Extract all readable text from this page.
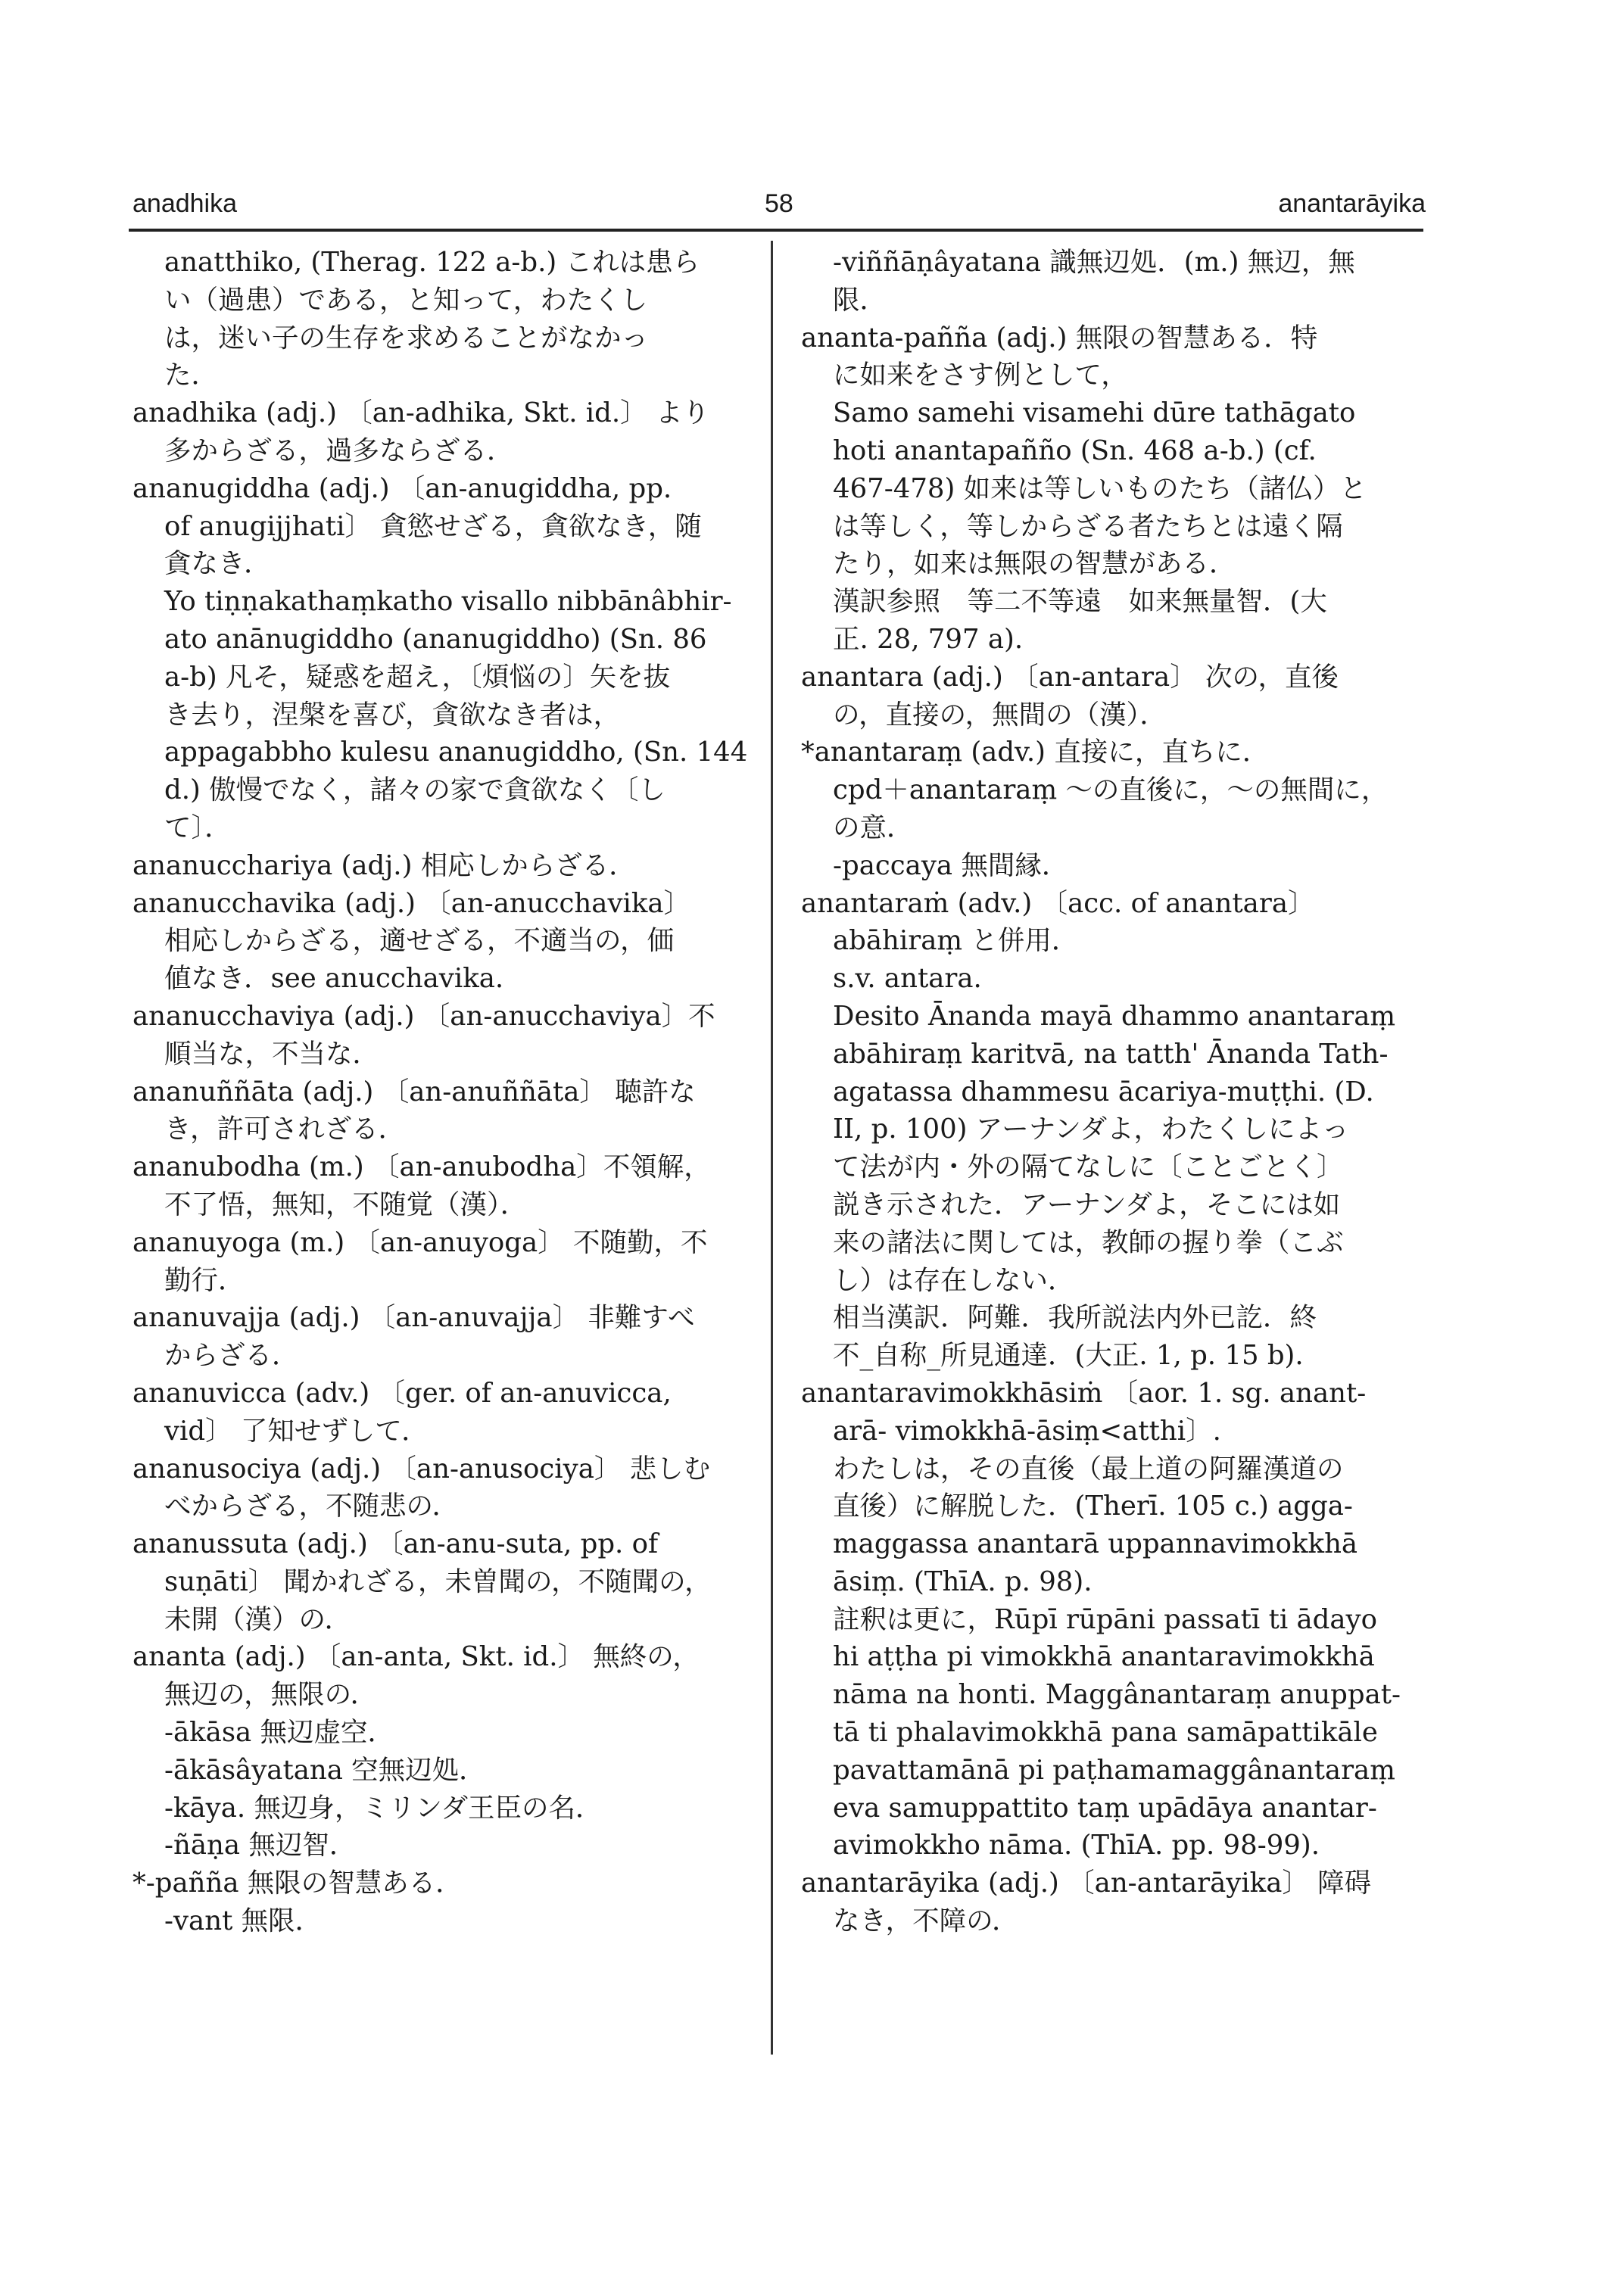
anadhika	58	anantarāyika
anatthiko, (Therag. 122 a-b.) これは患ら
い（過患）である，と知って，わたくし
は，迷い子の生存を求めることがなかっ
た．
anadhika (adj.) 〔an-adhika, Skt. id.〕 より
多からざる，過多ならざる．
ananugiddha (adj.) 〔an-anugiddha, pp.
of anugijjhati〕 貪慾せざる，貪欲なき，随
貪なき．
Yo tiṇṇakathaṃkatho visallo nibbānâbhir-
ato anānugiddho (ananugiddho) (Sn. 86
a-b) 凡そ，疑惑を超え，〔煩悩の〕矢を抜
き去り，涅槃を喜び，貪欲なき者は，
appagabbho kulesu ananugiddho, (Sn. 144
d.) 傲慢でなく，諸々の家で貪欲なく〔し
て〕．
ananucchariya (adj.) 相応しからざる．
ananucchavika (adj.) 〔an-anucchavika〕
相応しからざる，適せざる，不適当の，価
値なき．see anucchavika.
ananucchaviya (adj.) 〔an-anucchaviya〕不
順当な，不当な．
ananuññāta (adj.) 〔an-anuññāta〕 聴許な
き，許可されざる．
ananubodha (m.) 〔an-anubodha〕不領解，
不了悟，無知，不随覚（漢）．
ananuyoga (m.) 〔an-anuyoga〕 不随勤，不
勤行．
ananuvajja (adj.) 〔an-anuvajja〕 非難すべ
からざる．
ananuvicca (adv.) 〔ger. of an-anuvicca,
vid〕 了知せずして．
ananusociya (adj.) 〔an-anusociya〕 悲しむ
べからざる，不随悲の．
ananussuta (adj.) 〔an-anu-suta, pp. of
suṇāti〕 聞かれざる，未曽聞の，不随聞の，
未開（漢）の．
ananta (adj.) 〔an-anta, Skt. id.〕 無終の，
無辺の，無限の．
-ākāsa 無辺虚空．
-ākāsâyatana 空無辺処．
-kāya. 無辺身，ミリンダ王臣の名．
-ñāṇa 無辺智．
*-pañña 無限の智慧ある．
-vant 無限．
-viññāṇâyatana 識無辺処．(m.) 無辺，無
限．
ananta-pañña (adj.) 無限の智慧ある．特
に如来をさす例として，
Samo samehi visamehi dūre tathāgato
hoti anantapañño (Sn. 468 a-b.) (cf.
467-478) 如来は等しいものたち（諸仏）と
は等しく，等しからざる者たちとは遠く隔
たり，如来は無限の智慧がある．
漢訳参照　等二不等遠　如来無量智．(大
正. 28, 797 a).
anantara (adj.) 〔an-antara〕 次の，直後
の，直接の，無間の（漢）．
*anantaraṃ (adv.) 直接に，直ちに．
cpd＋anantaraṃ ～の直後に，～の無間に，
の意．
-paccaya 無間縁．
anantaraṁ (adv.) 〔acc. of anantara〕
abāhiraṃ と併用．
s.v. antara.
Desito Ānanda mayā dhammo anantaraṃ
abāhiraṃ karitvā, na tatth' Ānanda Tath-
agatassa dhammesu ācariya-muṭṭhi. (D.
II, p. 100) アーナンダよ，わたくしによっ
て法が内・外の隔てなしに〔ことごとく〕
説き示された．アーナンダよ，そこには如
来の諸法に関しては，教師の握り拳（こぶ
し）は存在しない．
相当漢訳．阿難．我所説法内外已訖．終
不_自称_所見通達．(大正. 1, p. 15 b).
anantaravimokkhāsiṁ 〔aor. 1. sg. anant-
arā- vimokkhā-āsiṃ<atthi〕.
わたしは，その直後（最上道の阿羅漢道の
直後）に解脱した．(Therī. 105 c.) agga-
maggassa anantarā uppannavimokkhā
āsiṃ. (ThīA. p. 98).
註釈は更に，Rūpī rūpāni passatī ti ādayo
hi aṭṭha pi vimokkhā anantaravimokkhā
nāma na honti. Maggânantaraṃ anuppat-
tā ti phalavimokkhā pana samāpattikāle
pavattamānā pi paṭhamamaggânantaraṃ
eva samuppattito taṃ upādāya anantar-
avimokkho nāma. (ThīA. pp. 98-99).
anantarāyika (adj.) 〔an-antarāyika〕 障碍
なき，不障の．
